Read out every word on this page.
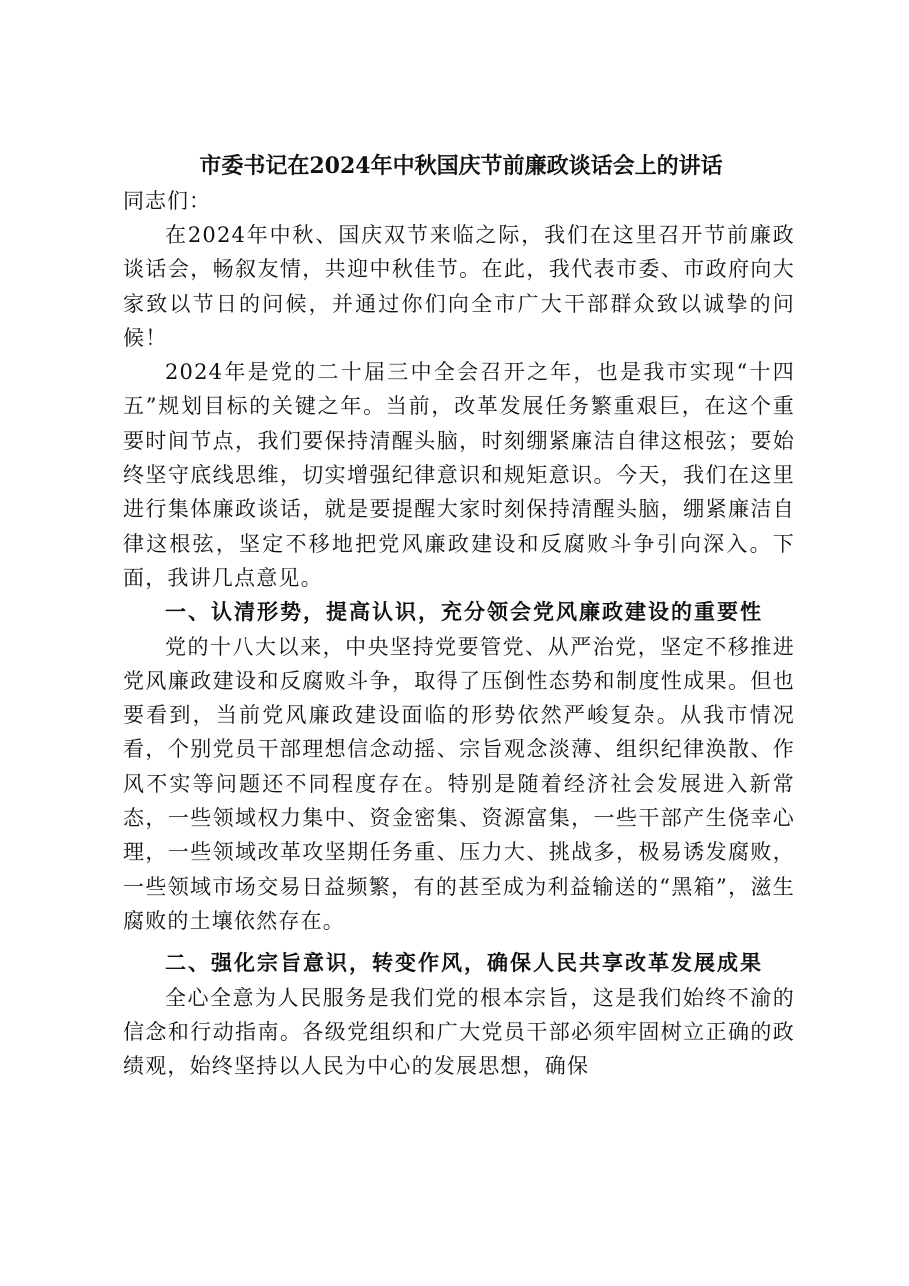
市委书记在2024年中秋国庆节前廉政谈话会上的讲话

同志们：

在2024年中秋、国庆双节来临之际，我们在这里召开节前廉政谈话会，畅叙友情，共迎中秋佳节。在此，我代表市委、市政府向大家致以节日的问候，并通过你们向全市广大干部群众致以诚挚的问候！

2024年是党的二十届三中全会召开之年，也是我市实现“十四五”规划目标的关键之年。当前，改革发展任务繁重艰巨，在这个重要时间节点，我们要保持清醒头脑，时刻绷紧廉洁自律这根弦；要始终坚守底线思维，切实增强纪律意识和规矩意识。今天，我们在这里进行集体廉政谈话，就是要提醒大家时刻保持清醒头脑，绷紧廉洁自律这根弦，坚定不移地把党风廉政建设和反腐败斗争引向深入。下面，我讲几点意见。

一、认清形势，提高认识，充分领会党风廉政建设的重要性

党的十八大以来，中央坚持党要管党、从严治党，坚定不移推进党风廉政建设和反腐败斗争，取得了压倒性态势和制度性成果。但也要看到，当前党风廉政建设面临的形势依然严峻复杂。从我市情况看，个别党员干部理想信念动摇、宗旨观念淡薄、组织纪律涣散、作风不实等问题还不同程度存在。特别是随着经济社会发展进入新常态，一些领域权力集中、资金密集、资源富集，一些干部产生侥幸心理，一些领域改革攻坚期任务重、压力大、挑战多，极易诱发腐败，一些领域市场交易日益频繁，有的甚至成为利益输送的“黑箱”，滋生腐败的土壤依然存在。

二、强化宗旨意识，转变作风，确保人民共享改革发展成果

全心全意为人民服务是我们党的根本宗旨，这是我们始终不渝的信念和行动指南。各级党组织和广大党员干部必须牢固树立正确的政绩观，始终坚持以人民为中心的发展思想，确保
